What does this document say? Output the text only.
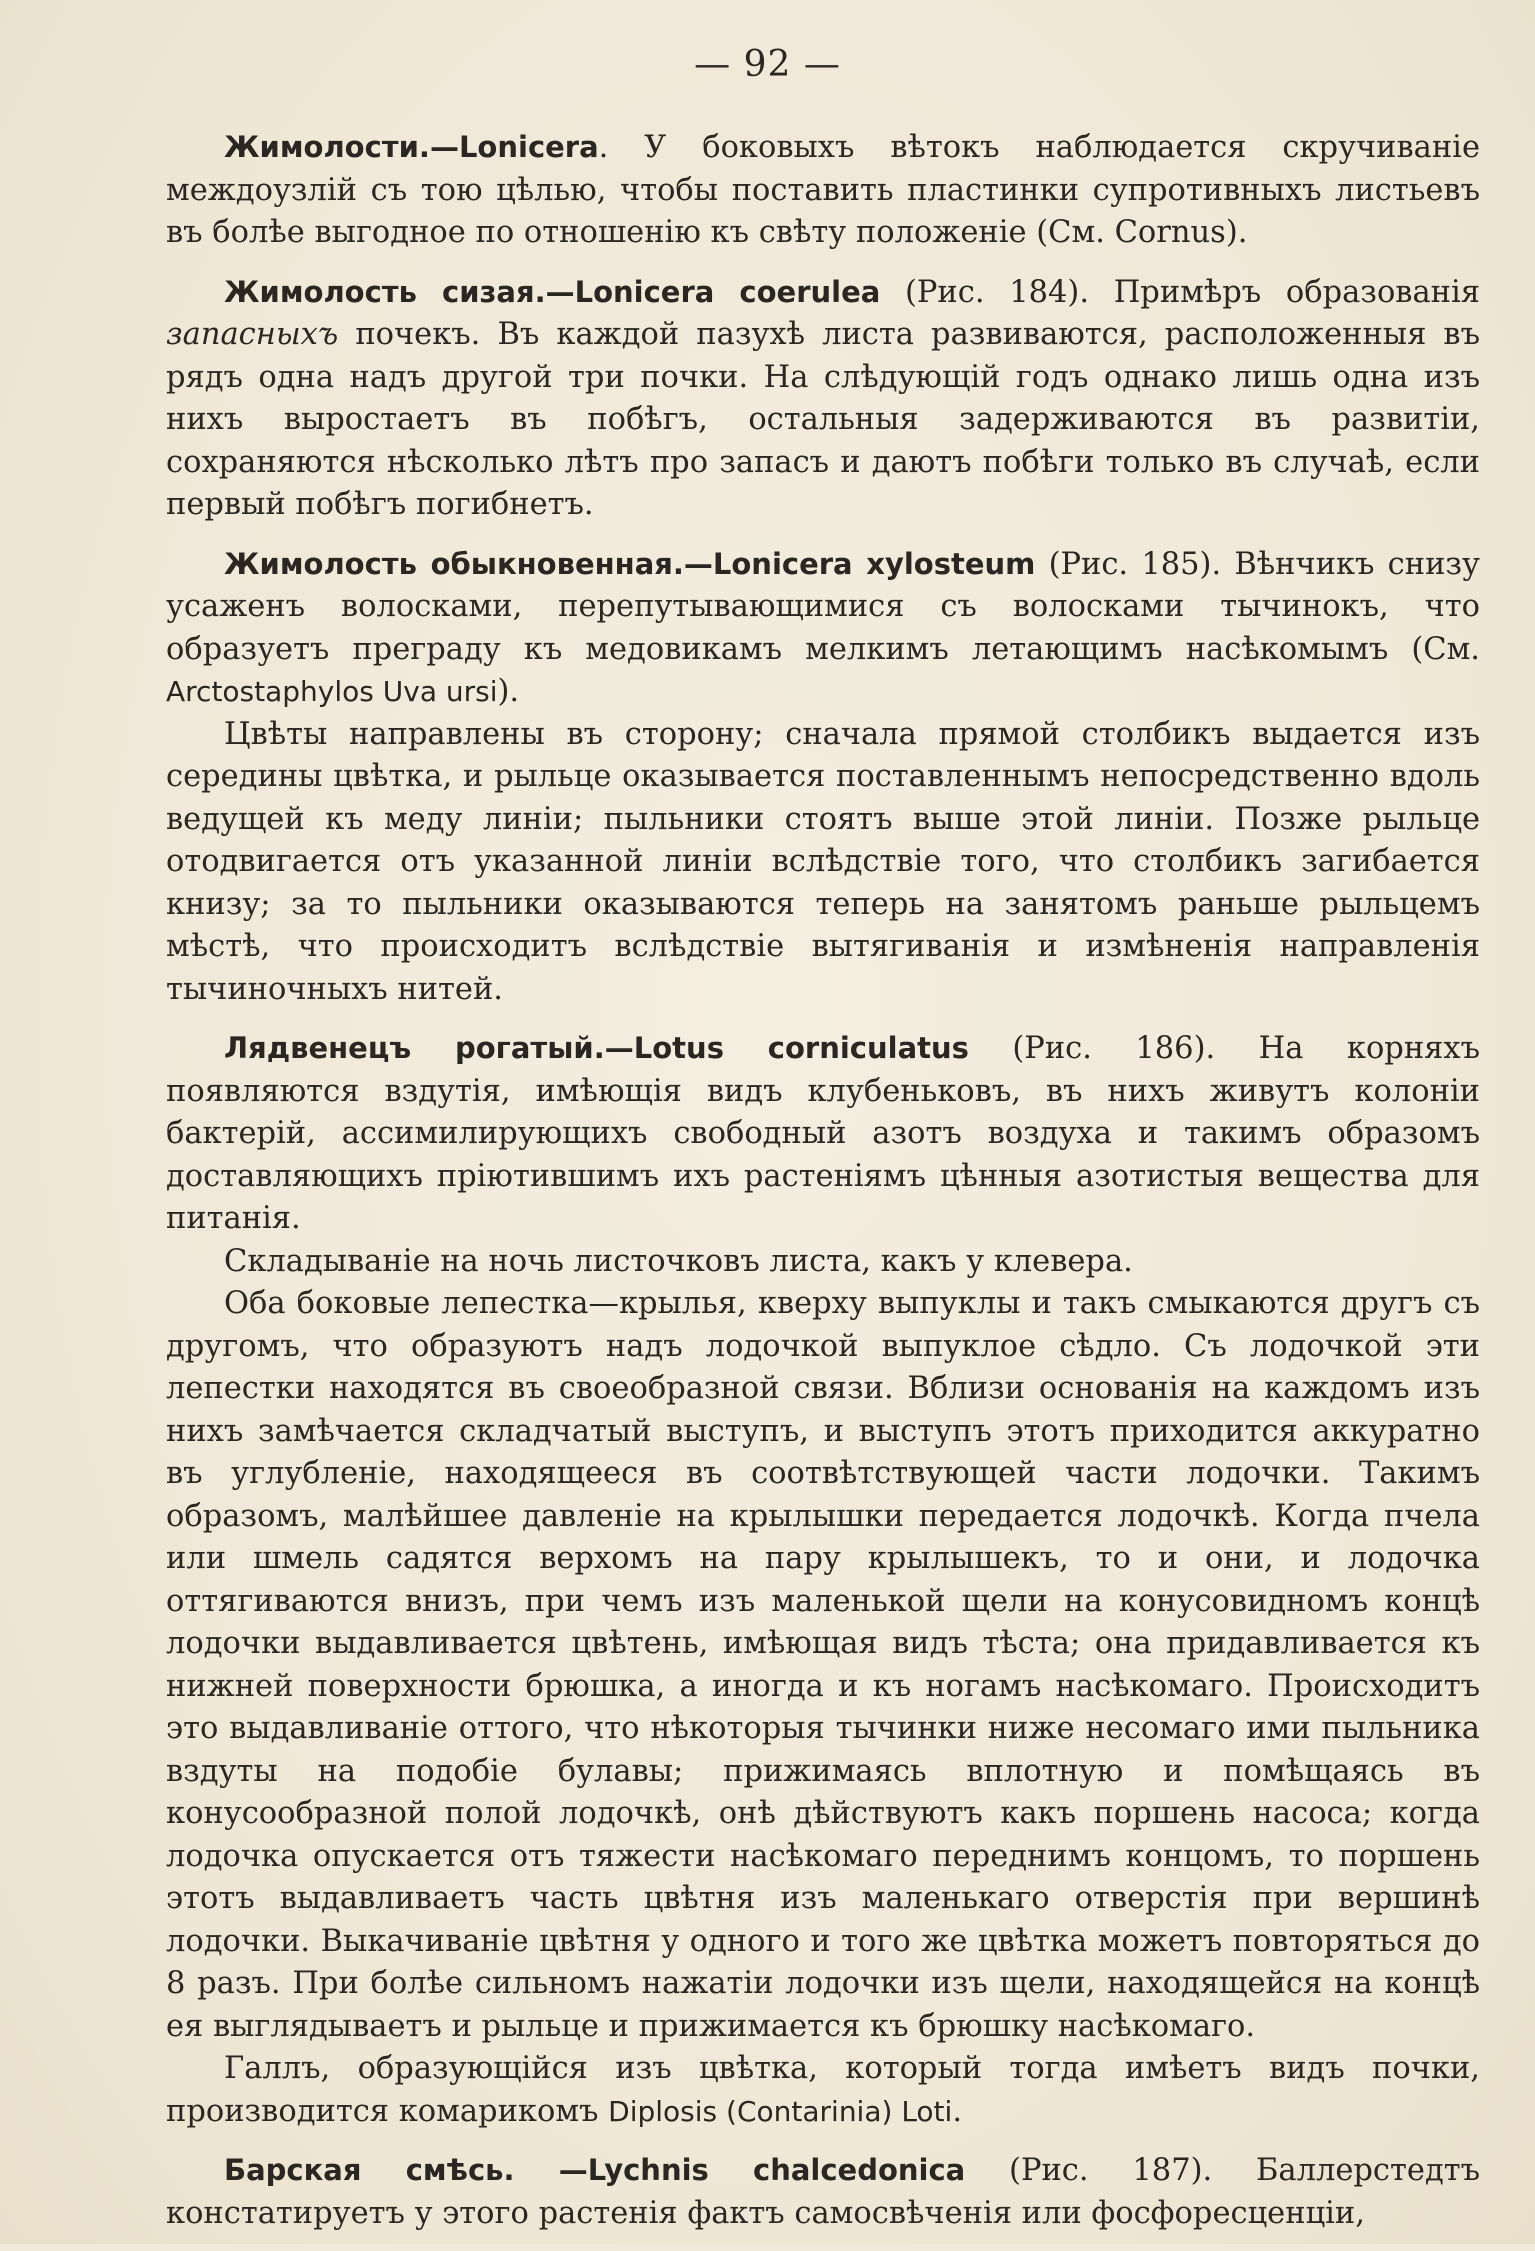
— 92 —

Жимолости.—Lonicera. У боковыхъ вѣтокъ наблюдается скручиваніе междоузлій съ тою цѣлью, чтобы поставить пластинки супротивныхъ листьевъ въ болѣе выгодное по отношенію къ свѣту положеніе (См. Cornus).

Жимолость сизая.—Lonicera coerulea (Рис. 184). Примѣръ образованія запасныхъ почекъ. Въ каждой пазухѣ листа развиваются, расположенныя въ рядъ одна надъ другой три почки. На слѣдующій годъ однако лишь одна изъ нихъ выростаетъ въ побѣгъ, остальныя задерживаются въ развитіи, сохраняются нѣсколько лѣтъ про запасъ и даютъ побѣги только въ случаѣ, если первый побѣгъ погибнетъ.

Жимолость обыкновенная.—Lonicera xylosteum (Рис. 185). Вѣнчикъ снизу усаженъ волосками, перепутывающимися съ волосками тычинокъ, что образуетъ преграду къ медовикамъ мелкимъ летающимъ насѣкомымъ (См. Arctostaphylos Uva ursi).

Цвѣты направлены въ сторону; сначала прямой столбикъ выдается изъ середины цвѣтка, и рыльце оказывается поставленнымъ непосредственно вдоль ведущей къ меду линіи; пыльники стоятъ выше этой линіи. Позже рыльце отодвигается отъ указанной линіи вслѣдствіе того, что столбикъ загибается книзу; за то пыльники оказываются теперь на занятомъ раньше рыльцемъ мѣстѣ, что происходитъ вслѣдствіе вытягиванія и измѣненія направленія тычиночныхъ нитей.

Лядвенецъ рогатый.—Lotus corniculatus (Рис. 186). На корняхъ появляются вздутія, имѣющія видъ клубеньковъ, въ нихъ живутъ колоніи бактерій, ассимилирующихъ свободный азотъ воздуха и такимъ образомъ доставляющихъ пріютившимъ ихъ растеніямъ цѣнныя азотистыя вещества для питанія.

Складываніе на ночь листочковъ листа, какъ у клевера.

Оба боковые лепестка—крылья, кверху выпуклы и такъ смыкаются другъ съ другомъ, что образуютъ надъ лодочкой выпуклое сѣдло. Съ лодочкой эти лепестки находятся въ своеобразной связи. Вблизи основанія на каждомъ изъ нихъ замѣчается складчатый выступъ, и выступъ этотъ приходится аккуратно въ углубленіе, находящееся въ соотвѣтствующей части лодочки. Такимъ образомъ, малѣйшее давленіе на крылышки передается лодочкѣ. Когда пчела или шмель садятся верхомъ на пару крылышекъ, то и они, и лодочка оттягиваются внизъ, при чемъ изъ маленькой щели на конусовидномъ концѣ лодочки выдавливается цвѣтень, имѣющая видъ тѣста; она придавливается къ нижней поверхности брюшка, а иногда и къ ногамъ насѣкомаго. Происходитъ это выдавливаніе оттого, что нѣкоторыя тычинки ниже несомаго ими пыльника вздуты на подобіе булавы; прижимаясь вплотную и помѣщаясь въ конусообразной полой лодочкѣ, онѣ дѣйствуютъ какъ поршень насоса; когда лодочка опускается отъ тяжести насѣкомаго переднимъ концомъ, то поршень этотъ выдавливаетъ часть цвѣтня изъ маленькаго отверстія при вершинѣ лодочки. Выкачиваніе цвѣтня у одного и того же цвѣтка можетъ повторяться до 8 разъ. При болѣе сильномъ нажатіи лодочки изъ щели, находящейся на концѣ ея выглядываетъ и рыльце и прижимается къ брюшку насѣкомаго.

Галлъ, образующійся изъ цвѣтка, который тогда имѣетъ видъ почки, производится комарикомъ Diplosis (Contarinia) Loti.

Барская смѣсь. —Lychnis chalcedonica (Рис. 187). Баллерстедтъ констатируетъ у этого растенія фактъ самосвѣченія или фосфоресценціи,
